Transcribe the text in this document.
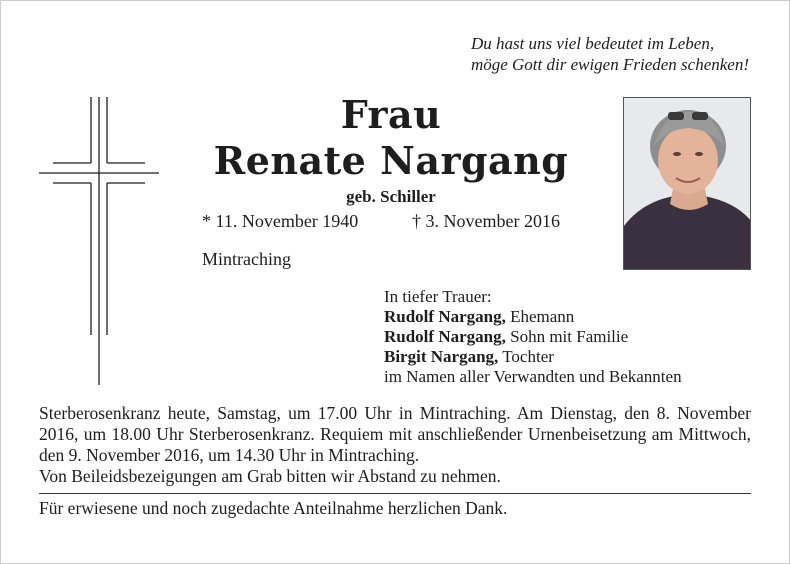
Du hast uns viel bedeutet im Leben,
möge Gott dir ewigen Frieden schenken!
Frau
Renate Nargang
geb. Schiller
* 11. November 1940	† 3. November 2016
Mintraching
In tiefer Trauer:
Rudolf Nargang, Ehemann
Rudolf Nargang, Sohn mit Familie
Birgit Nargang, Tochter
im Namen aller Verwandten und Bekannten
Sterberosenkranz heute, Samstag, um 17.00 Uhr in Mintraching. Am Dienstag, den 8. November 2016, um 18.00 Uhr Sterberosenkranz. Requiem mit anschließender Urnenbeisetzung am Mittwoch, den 9. November 2016, um 14.30 Uhr in Mintraching.
Von Beileidsbezeigungen am Grab bitten wir Abstand zu nehmen.
Für erwiesene und noch zugedachte Anteilnahme herzlichen Dank.
